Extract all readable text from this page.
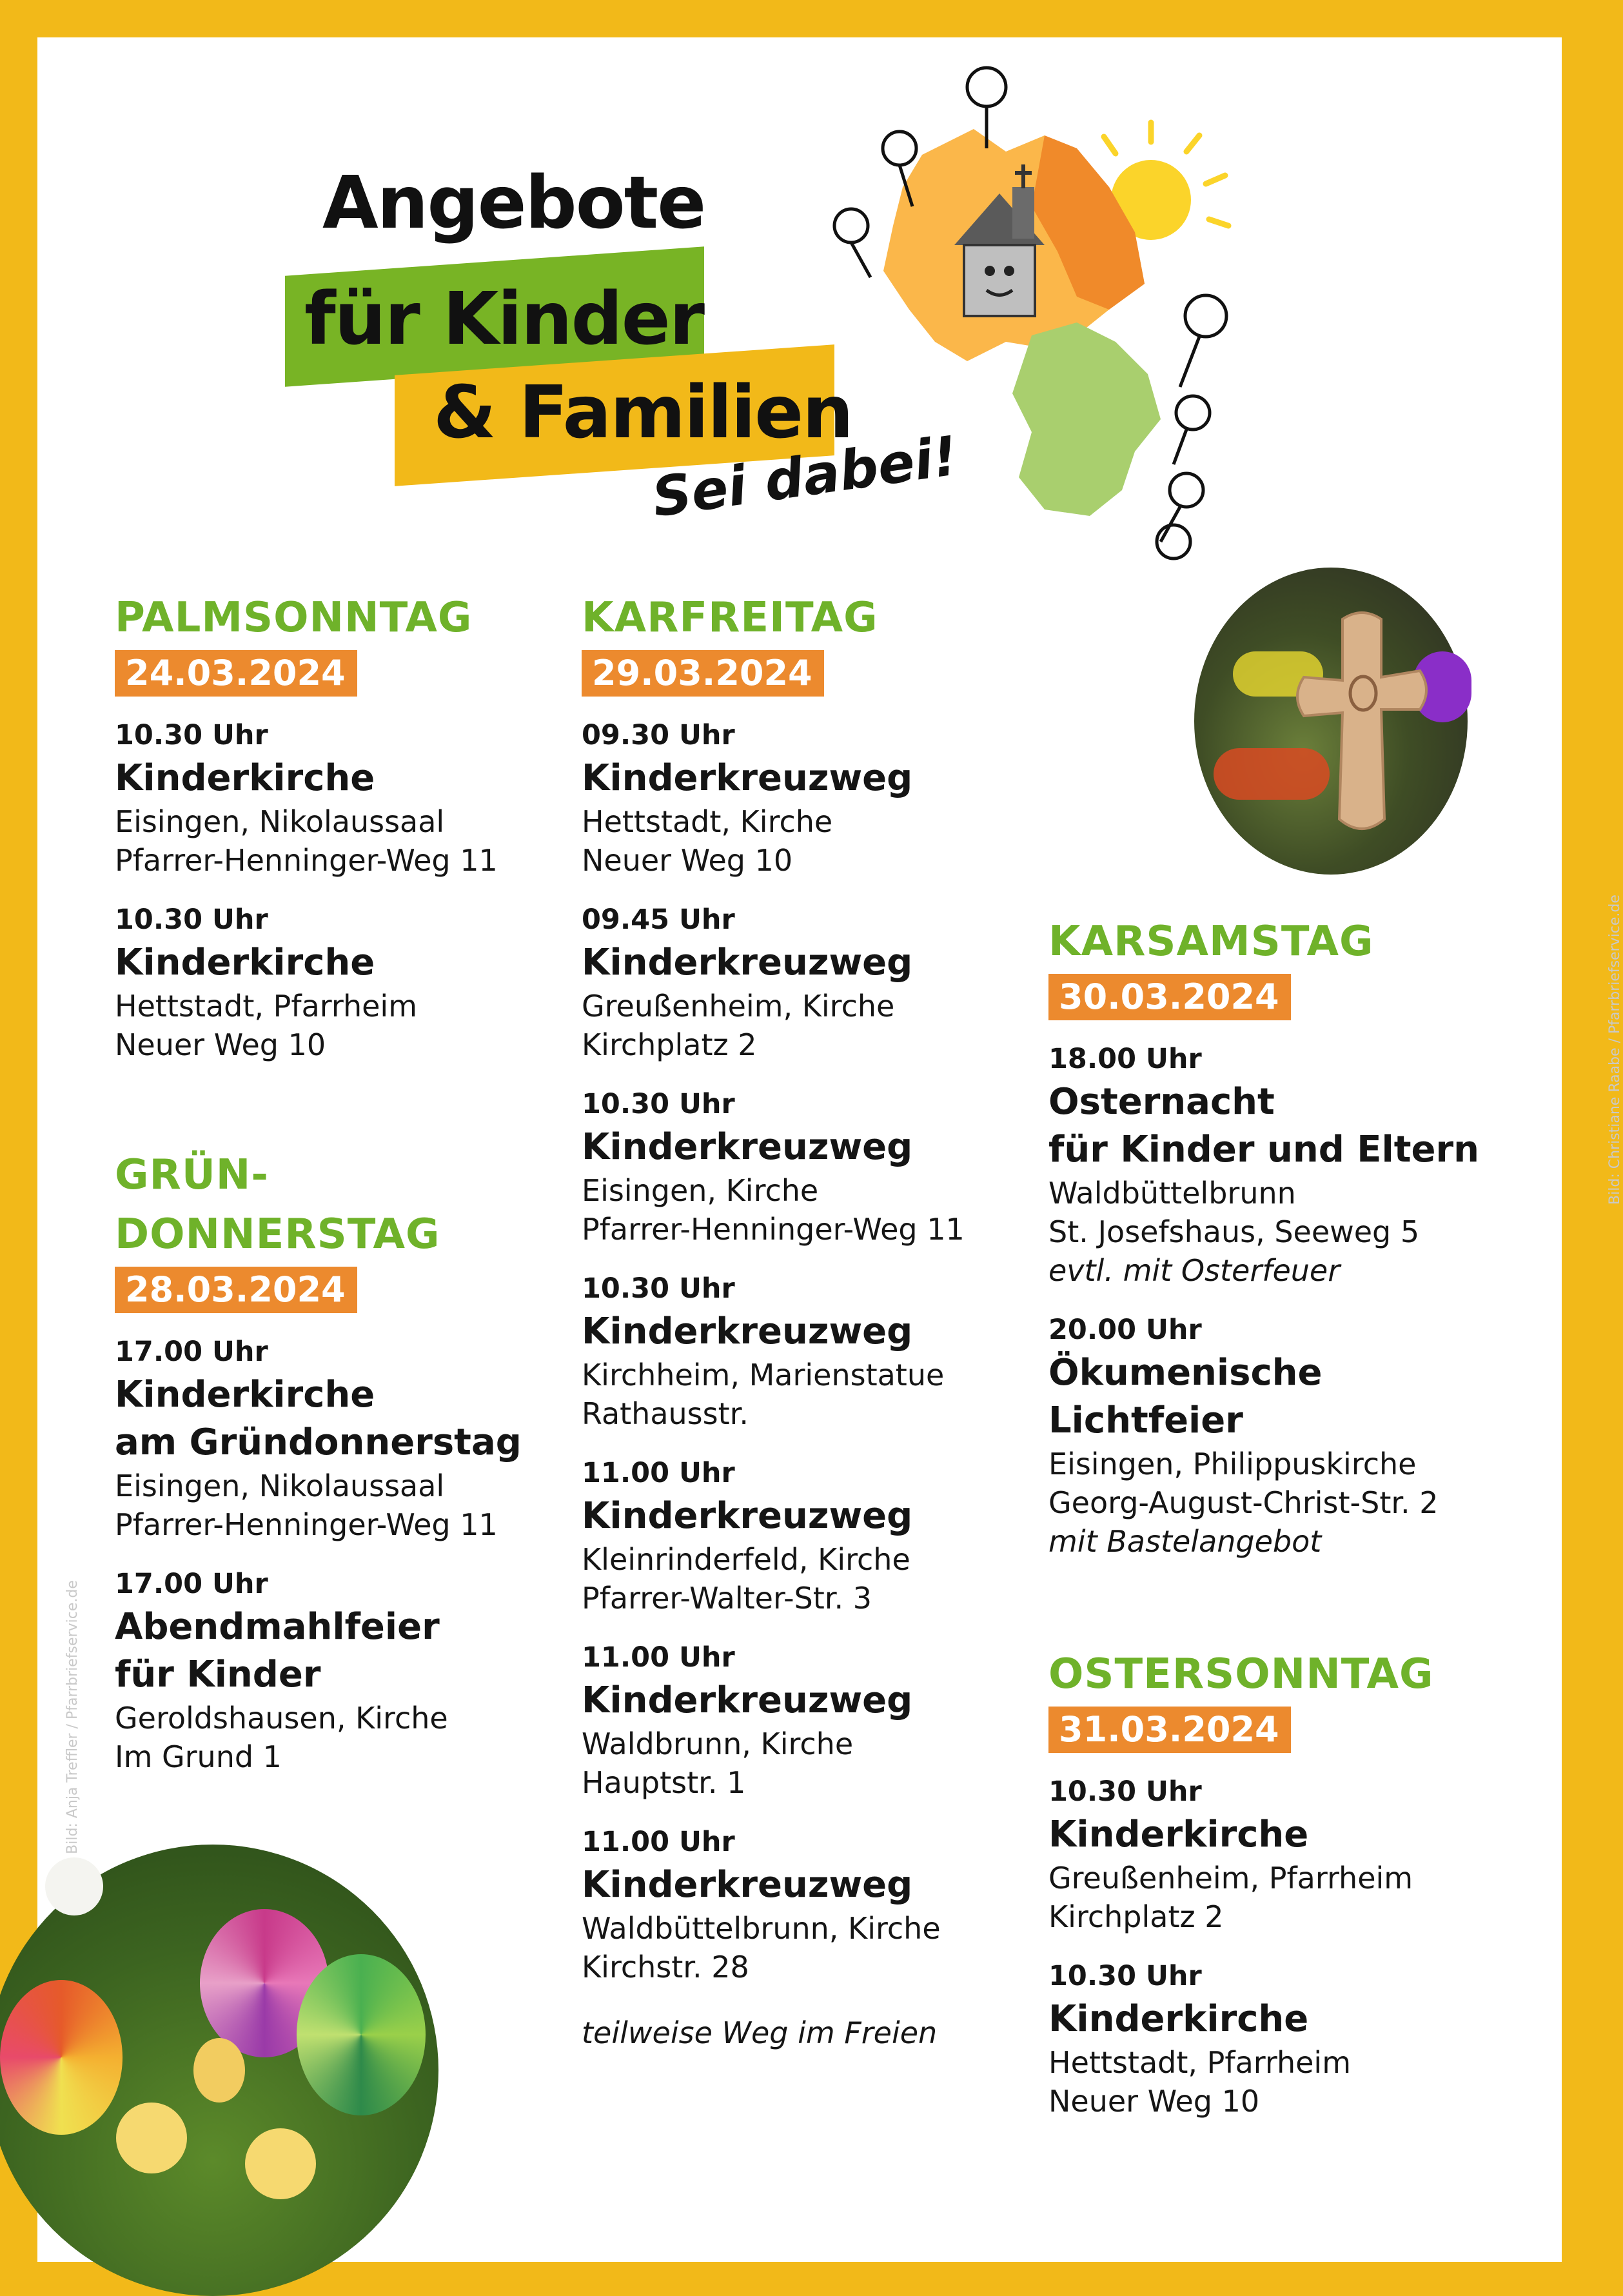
Angebote
für Kinder
& Familien
Sei dabei!
PALMSONNTAG
24.03.2024
10.30 Uhr
Kinderkirche
Eisingen, Nikolaussaal
Pfarrer-Henninger-Weg 11
10.30 Uhr
Kinderkirche
Hettstadt, Pfarrheim
Neuer Weg 10
GRÜN-
DONNERSTAG
28.03.2024
17.00 Uhr
Kinderkirche
am Gründonnerstag
Eisingen, Nikolaussaal
Pfarrer-Henninger-Weg 11
17.00 Uhr
Abendmahlfeier
für Kinder
Geroldshausen, Kirche
Im Grund 1
KARFREITAG
29.03.2024
09.30 Uhr
Kinderkreuzweg
Hettstadt, Kirche
Neuer Weg 10
09.45 Uhr
Kinderkreuzweg
Greußenheim, Kirche
Kirchplatz 2
10.30 Uhr
Kinderkreuzweg
Eisingen, Kirche
Pfarrer-Henninger-Weg 11
10.30 Uhr
Kinderkreuzweg
Kirchheim, Marienstatue
Rathausstr.
11.00 Uhr
Kinderkreuzweg
Kleinrinderfeld, Kirche
Pfarrer-Walter-Str. 3
11.00 Uhr
Kinderkreuzweg
Waldbrunn, Kirche
Hauptstr. 1
11.00 Uhr
Kinderkreuzweg
Waldbüttelbrunn, Kirche
Kirchstr. 28
teilweise Weg im Freien
KARSAMSTAG
30.03.2024
18.00 Uhr
Osternacht
für Kinder und Eltern
Waldbüttelbrunn
St. Josefshaus, Seeweg 5
evtl. mit Osterfeuer
20.00 Uhr
Ökumenische Lichtfeier
Eisingen, Philippuskirche
Georg-August-Christ-Str. 2
mit Bastelangebot
OSTERSONNTAG
31.03.2024
10.30 Uhr
Kinderkirche
Greußenheim, Pfarrheim
Kirchplatz 2
10.30 Uhr
Kinderkirche
Hettstadt, Pfarrheim
Neuer Weg 10
Bild: Christiane Raabe / Pfarrbriefservice.de
Bild: Anja Treffler / Pfarrbriefservice.de
